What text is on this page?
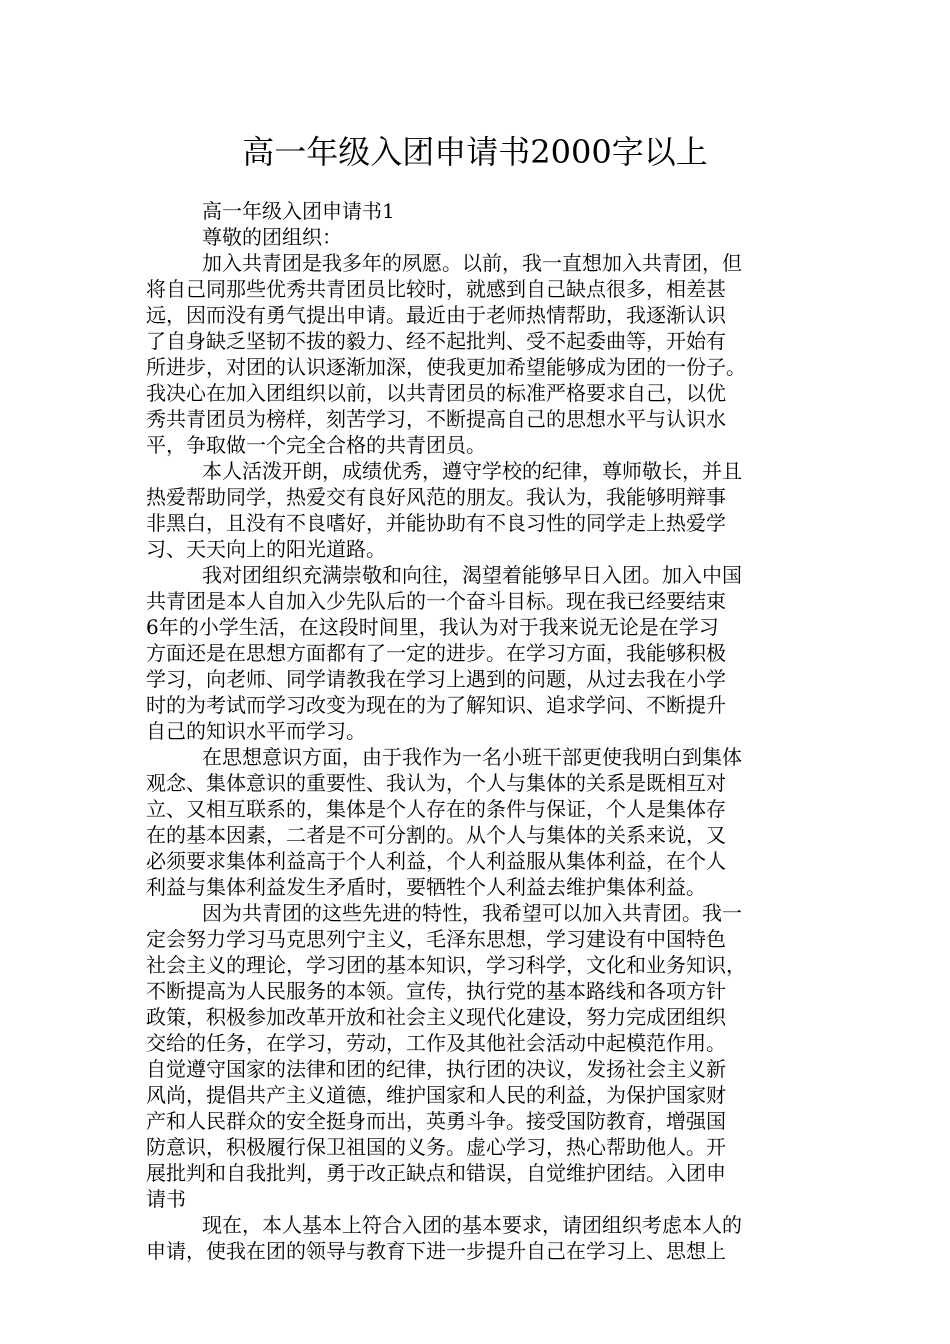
高一年级入团申请书2000字以上
高一年级入团申请书1
尊敬的团组织：
加入共青团是我多年的夙愿。以前，我一直想加入共青团，但
将自己同那些优秀共青团员比较时，就感到自己缺点很多，相差甚
远，因而没有勇气提出申请。最近由于老师热情帮助，我逐渐认识
了自身缺乏坚韧不拔的毅力、经不起批判、受不起委曲等，开始有
所进步，对团的认识逐渐加深，使我更加希望能够成为团的一份子。
我决心在加入团组织以前，以共青团员的标准严格要求自己，以优
秀共青团员为榜样，刻苦学习，不断提高自己的思想水平与认识水
平，争取做一个完全合格的共青团员。
本人活泼开朗，成绩优秀，遵守学校的纪律，尊师敬长，并且
热爱帮助同学，热爱交有良好风范的朋友。我认为，我能够明辩事
非黑白，且没有不良嗜好，并能协助有不良习性的同学走上热爱学
习、天天向上的阳光道路。
我对团组织充满崇敬和向往，渴望着能够早日入团。加入中国
共青团是本人自加入少先队后的一个奋斗目标。现在我已经要结束
6年的小学生活，在这段时间里，我认为对于我来说无论是在学习
方面还是在思想方面都有了一定的进步。在学习方面，我能够积极
学习，向老师、同学请教我在学习上遇到的问题，从过去我在小学
时的为考试而学习改变为现在的为了解知识、追求学问、不断提升
自己的知识水平而学习。
在思想意识方面，由于我作为一名小班干部更使我明白到集体
观念、集体意识的重要性、我认为，个人与集体的关系是既相互对
立、又相互联系的，集体是个人存在的条件与保证，个人是集体存
在的基本因素，二者是不可分割的。从个人与集体的关系来说，又
必须要求集体利益高于个人利益，个人利益服从集体利益，在个人
利益与集体利益发生矛盾时，要牺牲个人利益去维护集体利益。
因为共青团的这些先进的特性，我希望可以加入共青团。我一
定会努力学习马克思列宁主义，毛泽东思想，学习建设有中国特色
社会主义的理论，学习团的基本知识，学习科学，文化和业务知识，
不断提高为人民服务的本领。宣传，执行党的基本路线和各项方针
政策，积极参加改革开放和社会主义现代化建设，努力完成团组织
交给的任务，在学习，劳动，工作及其他社会活动中起模范作用。
自觉遵守国家的法律和团的纪律，执行团的决议，发扬社会主义新
风尚，提倡共产主义道德，维护国家和人民的利益，为保护国家财
产和人民群众的安全挺身而出，英勇斗争。接受国防教育，增强国
防意识，积极履行保卫祖国的义务。虚心学习，热心帮助他人。开
展批判和自我批判，勇于改正缺点和错误，自觉维护团结。入团申
请书
现在，本人基本上符合入团的基本要求，请团组织考虑本人的
申请，使我在团的领导与教育下进一步提升自己在学习上、思想上
